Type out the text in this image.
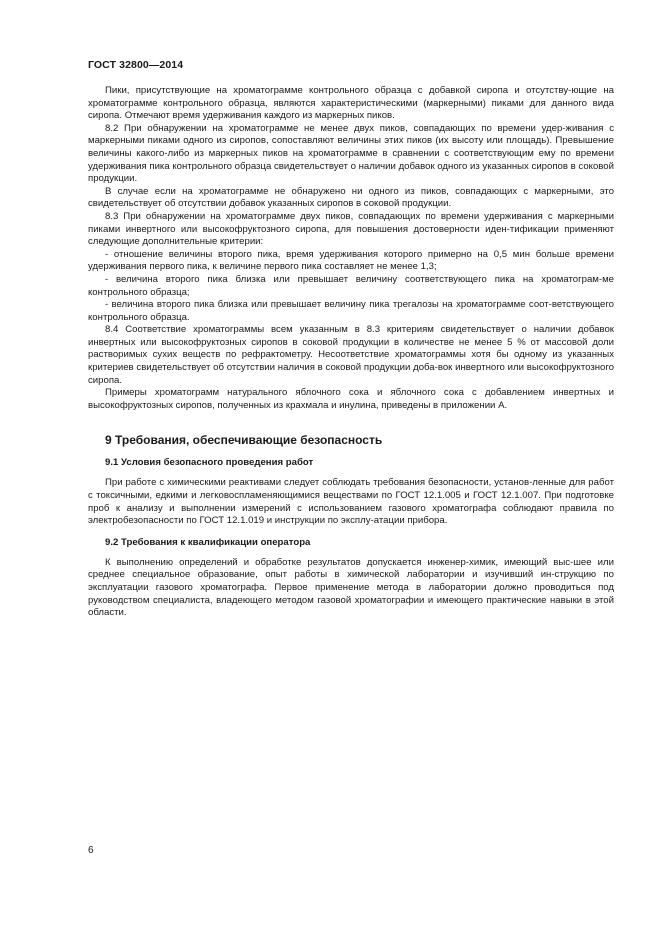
ГОСТ 32800—2014

Пики, присутствующие на хроматограмме контрольного образца с добавкой сиропа и отсутству-ющие на хроматограмме контрольного образца, являются характеристическими (маркерными) пиками для данного вида сиропа. Отмечают время удерживания каждого из маркерных пиков.

8.2 При обнаружении на хроматограмме не менее двух пиков, совпадающих по времени удер-живания с маркерными пиками одного из сиропов, сопоставляют величины этих пиков (их высоту или площадь). Превышение величины какого-либо из маркерных пиков на хроматограмме в сравнении с соответствующим ему по времени удерживания пика контрольного образца свидетельствует о наличии добавок одного из указанных сиропов в соковой продукции.

В случае если на хроматограмме не обнаружено ни одного из пиков, совпадающих с маркерными, это свидетельствует об отсутствии добавок указанных сиропов в соковой продукции.

8.3 При обнаружении на хроматограмме двух пиков, совпадающих по времени удерживания с маркерными пиками инвертного или высокофруктозного сиропа, для повышения достоверности иден-тификации применяют следующие дополнительные критерии:

- отношение величины второго пика, время удерживания которого примерно на 0,5 мин больше времени удерживания первого пика, к величине первого пика составляет не менее 1,3;

- величина второго пика близка или превышает величину соответствующего пика на хроматограм-ме контрольного образца;

- величина второго пика близка или превышает величину пика трегалозы на хроматограмме соот-ветствующего контрольного образца.

8.4 Соответствие хроматограммы всем указанным в 8.3 критериям свидетельствует о наличии добавок инвертных или высокофруктозных сиропов в соковой продукции в количестве не менее 5 % от массовой доли растворимых сухих веществ по рефрактометру. Несоответствие хроматограммы хотя бы одному из указанных критериев свидетельствует об отсутствии наличия в соковой продукции доба-вок инвертного или высокофруктозного сиропа.

Примеры хроматограмм натурального яблочного сока и яблочного сока с добавлением инвертных и высокофруктозных сиропов, полученных из крахмала и инулина, приведены в приложении А.

9 Требования, обеспечивающие безопасность
9.1 Условия безопасного проведения работ

При работе с химическими реактивами следует соблюдать требования безопасности, установ-ленные для работ с токсичными, едкими и легковоспламеняющимися веществами по ГОСТ 12.1.005 и ГОСТ 12.1.007. При подготовке проб к анализу и выполнении измерений с использованием газового хроматографа соблюдают правила по электробезопасности по ГОСТ 12.1.019 и инструкции по эксплу-атации прибора.

9.2 Требования к квалификации оператора

К выполнению определений и обработке результатов допускается инженер-химик, имеющий выс-шее или среднее специальное образование, опыт работы в химической лаборатории и изучивший ин-струкцию по эксплуатации газового хроматографа. Первое применение метода в лаборатории должно проводиться под руководством специалиста, владеющего методом газовой хроматографии и имеющего практические навыки в этой области.

6
